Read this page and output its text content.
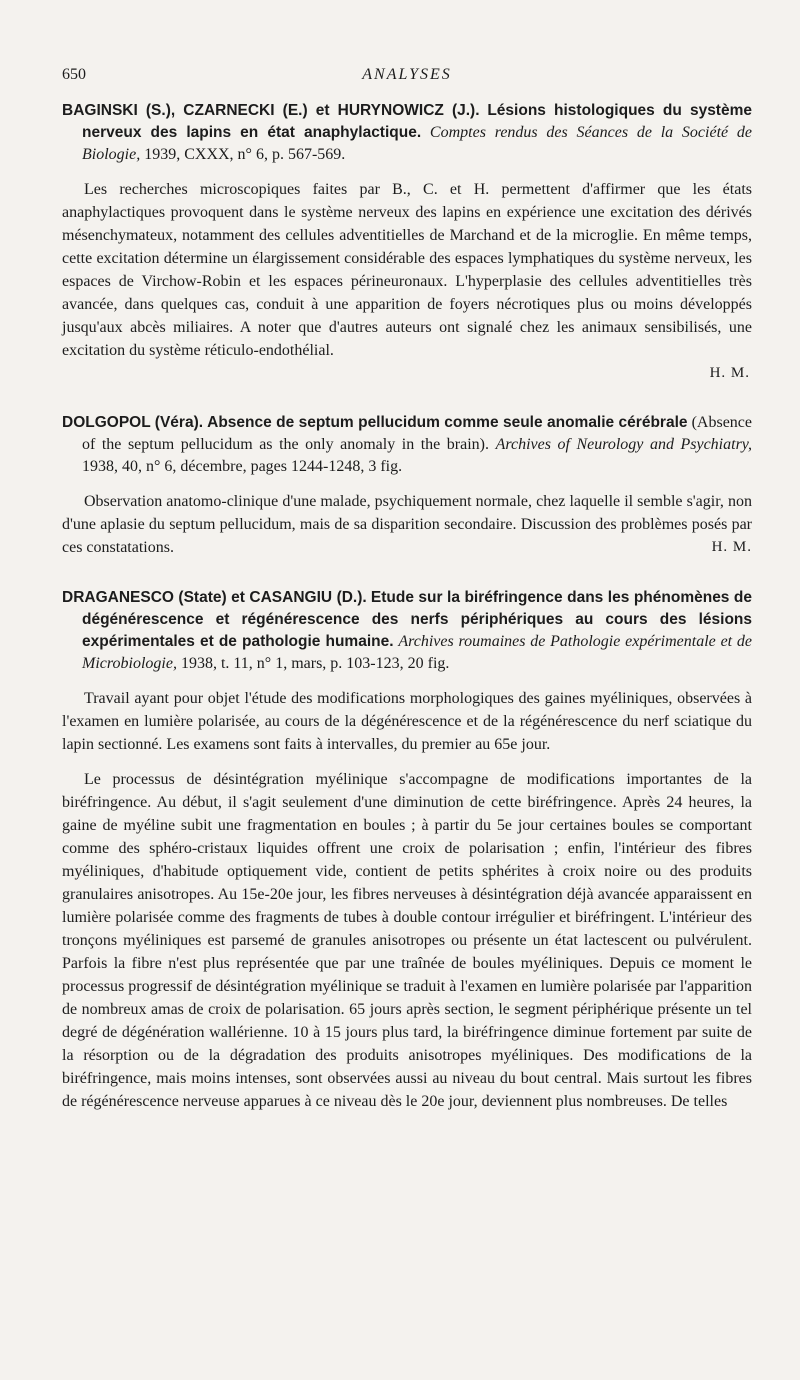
650	ANALYSES

BAGINSKI (S.), CZARNECKI (E.) et HURYNOWICZ (J.). Lésions histologiques du système nerveux des lapins en état anaphylactique. Comptes rendus des Séances de la Société de Biologie, 1939, CXXX, n° 6, p. 567-569.

Les recherches microscopiques faites par B., C. et H. permettent d'affirmer que les états anaphylactiques provoquent dans le système nerveux des lapins en expérience une excitation des dérivés mésenchymateux, notamment des cellules adventitielles de Marchand et de la microglie. En même temps, cette excitation détermine un élargissement considérable des espaces lymphatiques du système nerveux, les espaces de Virchow-Robin et les espaces périneuronaux. L'hyperplasie des cellules adventitielles très avancée, dans quelques cas, conduit à une apparition de foyers nécrotiques plus ou moins développés jusqu'aux abcès miliaires. A noter que d'autres auteurs ont signalé chez les animaux sensibilisés, une excitation du système réticulo-endothélial.

H. M.

DOLGOPOL (Véra). Absence de septum pellucidum comme seule anomalie cérébrale (Absence of the septum pellucidum as the only anomaly in the brain). Archives of Neurology and Psychiatry, 1938, 40, n° 6, décembre, pages 1244-1248, 3 fig.

Observation anatomo-clinique d'une malade, psychiquement normale, chez laquelle il semble s'agir, non d'une aplasie du septum pellucidum, mais de sa disparition secondaire. Discussion des problèmes posés par ces constatations.	H. M.

DRAGANESCO (State) et CASANGIU (D.). Etude sur la biréfringence dans les phénomènes de dégénérescence et régénérescence des nerfs périphériques au cours des lésions expérimentales et de pathologie humaine. Archives roumaines de Pathologie expérimentale et de Microbiologie, 1938, t. 11, n° 1, mars, p. 103-123, 20 fig.

Travail ayant pour objet l'étude des modifications morphologiques des gaines myéliniques, observées à l'examen en lumière polarisée, au cours de la dégénérescence et de la régénérescence du nerf sciatique du lapin sectionné. Les examens sont faits à intervalles, du premier au 65e jour.

Le processus de désintégration myélinique s'accompagne de modifications importantes de la biréfringence. Au début, il s'agit seulement d'une diminution de cette biréfringence. Après 24 heures, la gaine de myéline subit une fragmentation en boules ; à partir du 5e jour certaines boules se comportant comme des sphéro-cristaux liquides offrent une croix de polarisation ; enfin, l'intérieur des fibres myéliniques, d'habitude optiquement vide, contient de petits sphérites à croix noire ou des produits granulaires anisotropes. Au 15e-20e jour, les fibres nerveuses à désintégration déjà avancée apparaissent en lumière polarisée comme des fragments de tubes à double contour irrégulier et biréfringent. L'intérieur des tronçons myéliniques est parsemé de granules anisotropes ou présente un état lactescent ou pulvérulent. Parfois la fibre n'est plus représentée que par une traînée de boules myéliniques. Depuis ce moment le processus progressif de désintégration myélinique se traduit à l'examen en lumière polarisée par l'apparition de nombreux amas de croix de polarisation. 65 jours après section, le segment périphérique présente un tel degré de dégénération wallérienne. 10 à 15 jours plus tard, la biréfringence diminue fortement par suite de la résorption ou de la dégradation des produits anisotropes myéliniques. Des modifications de la biréfringence, mais moins intenses, sont observées aussi au niveau du bout central. Mais surtout les fibres de régénérescence nerveuse apparues à ce niveau dès le 20e jour, deviennent plus nombreuses. De telles
